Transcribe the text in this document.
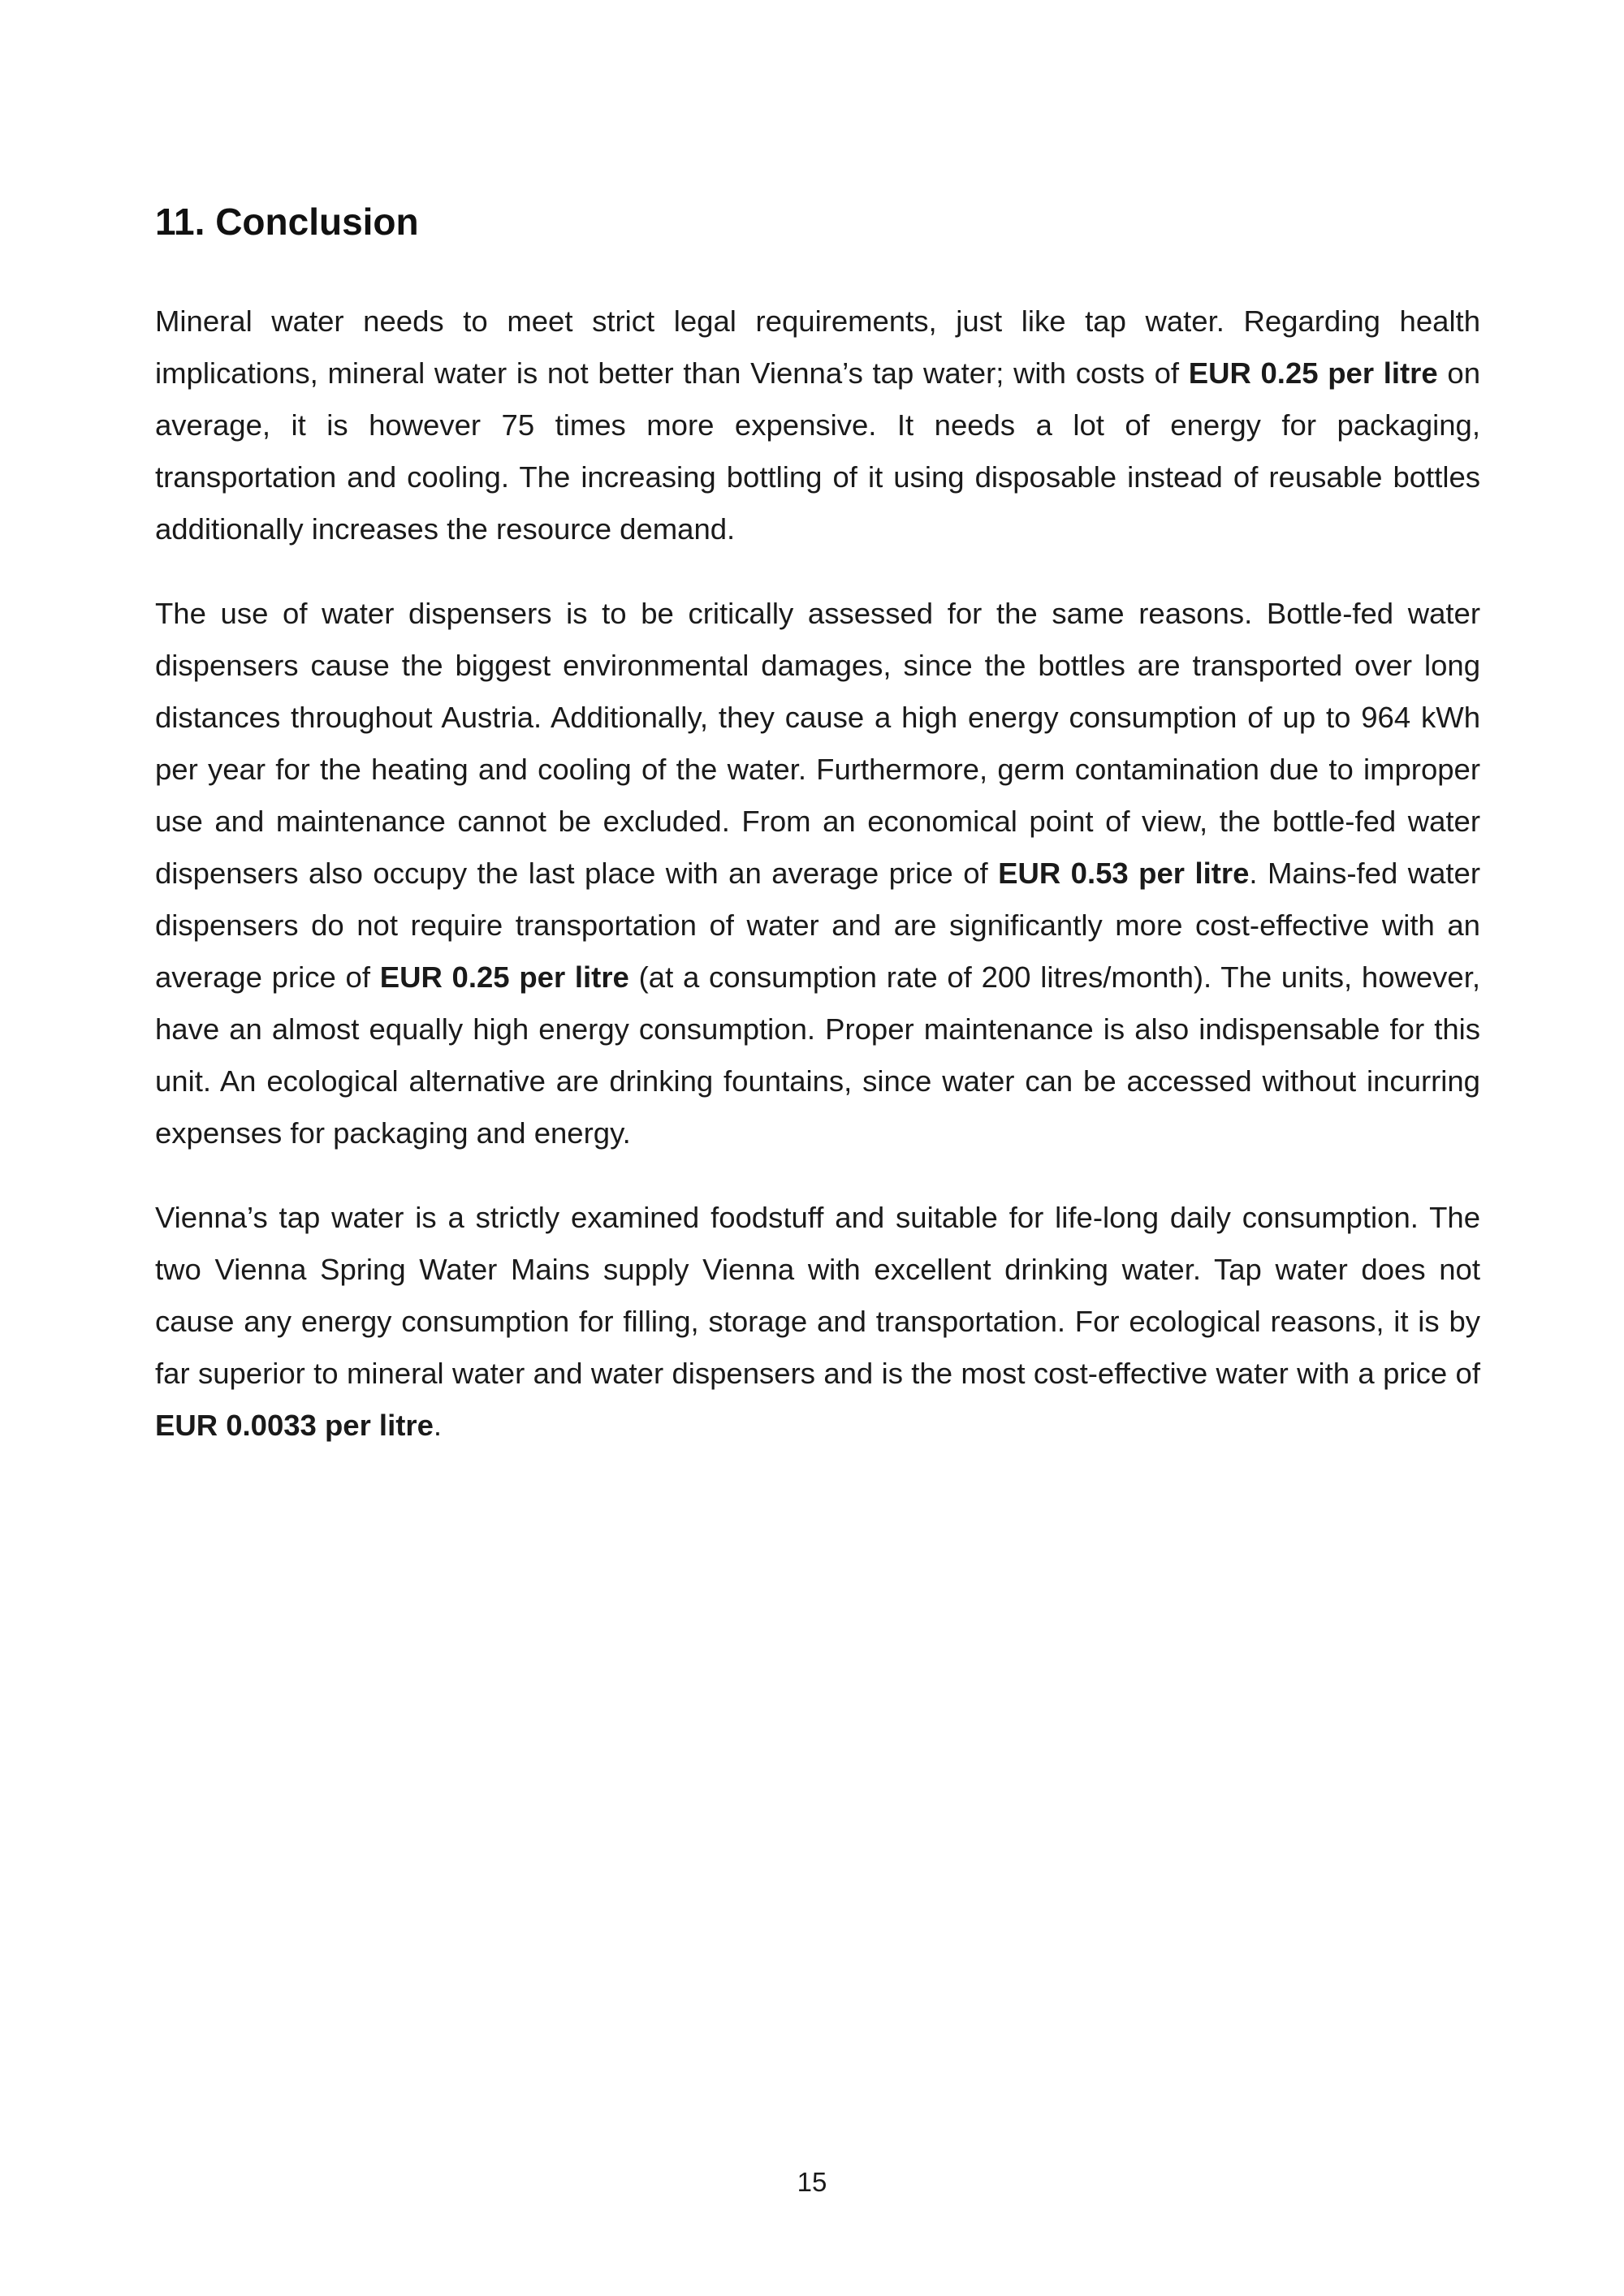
11. Conclusion

Mineral water needs to meet strict legal requirements, just like tap water. Regarding health implications, mineral water is not better than Vienna’s tap water; with costs of EUR 0.25 per litre on average, it is however 75 times more expensive. It needs a lot of energy for packaging, transportation and cooling. The increasing bottling of it using disposable instead of reusable bottles additionally increases the resource demand.

The use of water dispensers is to be critically assessed for the same reasons. Bottle-fed water dispensers cause the biggest environmental damages, since the bottles are transported over long distances throughout Austria. Additionally, they cause a high energy consumption of up to 964 kWh per year for the heating and cooling of the water. Furthermore, germ contamination due to improper use and maintenance cannot be excluded. From an economical point of view, the bottle-fed water dispensers also occupy the last place with an average price of EUR 0.53 per litre. Mains-fed water dispensers do not require transportation of water and are significantly more cost-effective with an average price of EUR 0.25 per litre (at a consumption rate of 200 litres/month). The units, however, have an almost equally high energy consumption. Proper maintenance is also indispensable for this unit. An ecological alternative are drinking fountains, since water can be accessed without incurring expenses for packaging and energy.

Vienna’s tap water is a strictly examined foodstuff and suitable for life-long daily consumption. The two Vienna Spring Water Mains supply Vienna with excellent drinking water. Tap water does not cause any energy consumption for filling, storage and transportation. For ecological reasons, it is by far superior to mineral water and water dispensers and is the most cost-effective water with a price of EUR 0.0033 per litre.

15
